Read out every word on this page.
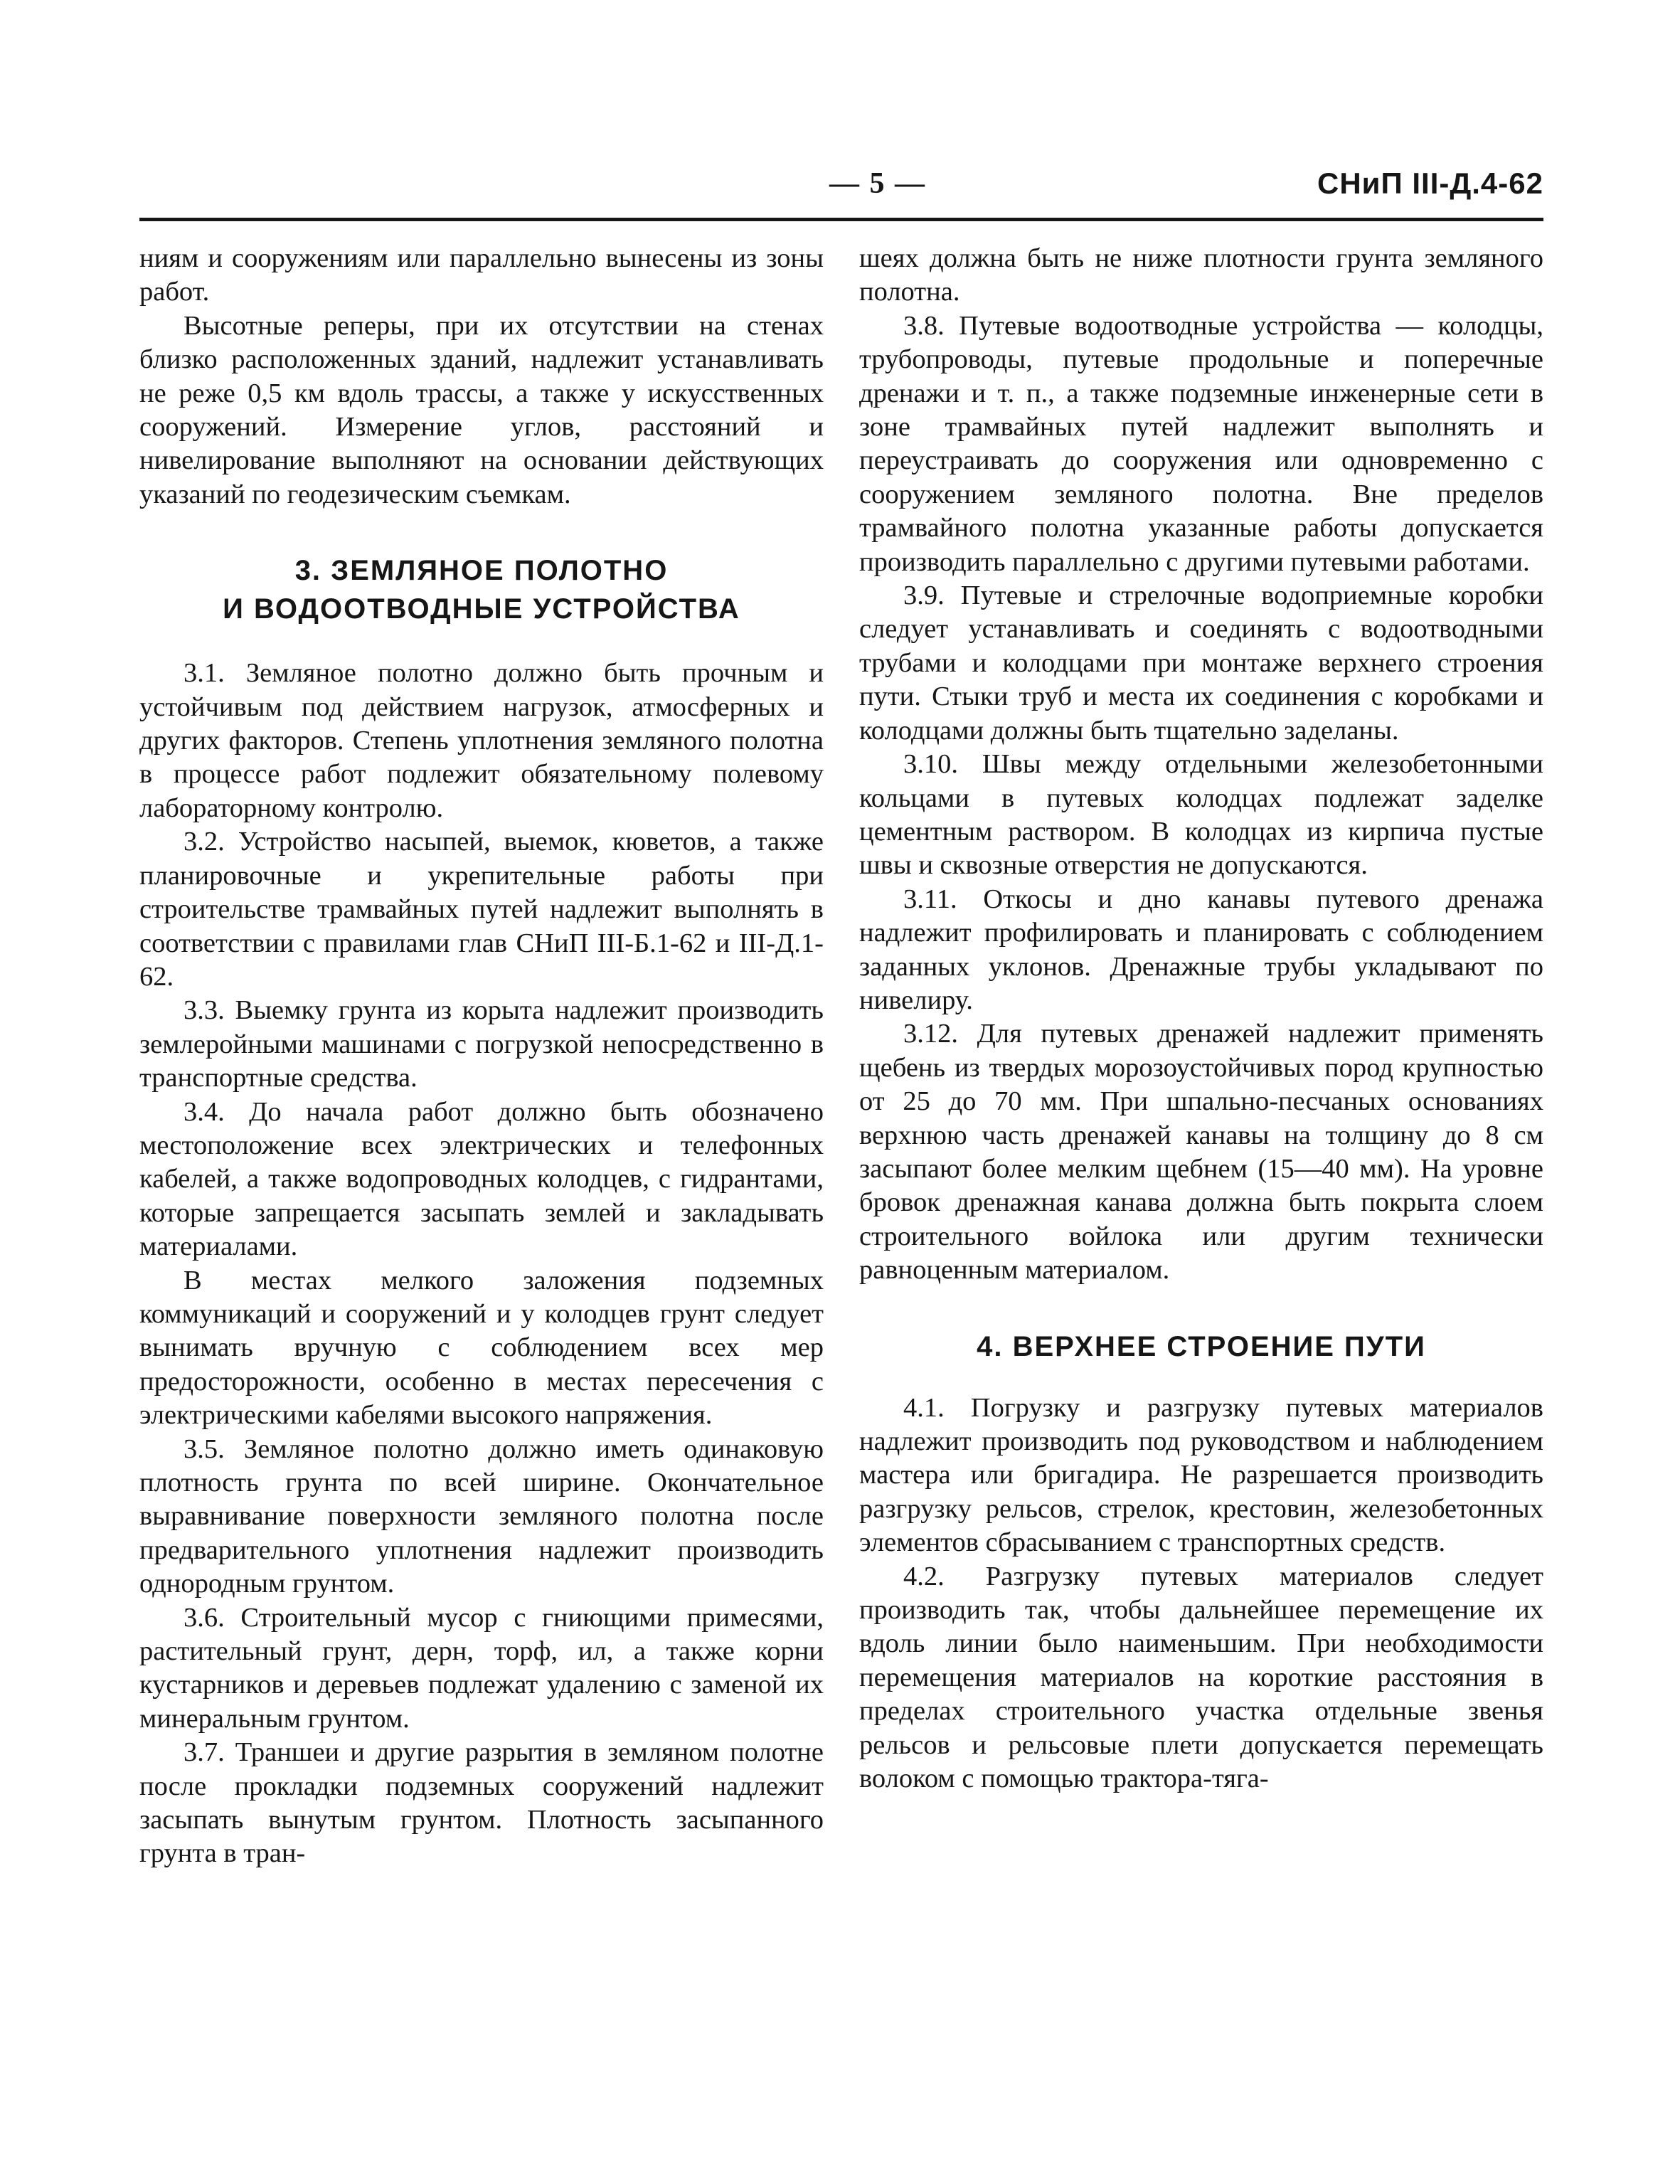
— 5 —	СНиП III-Д.4-62

ниям и сооружениям или параллельно вынесены из зоны работ.

Высотные реперы, при их отсутствии на стенах близко расположенных зданий, надлежит устанавливать не реже 0,5 км вдоль трассы, а также у искусственных сооружений. Измерение углов, расстояний и нивелирование выполняют на основании действующих указаний по геодезическим съемкам.

3. ЗЕМЛЯНОЕ ПОЛОТНО
И ВОДООТВОДНЫЕ УСТРОЙСТВА

3.1. Земляное полотно должно быть прочным и устойчивым под действием нагрузок, атмосферных и других факторов. Степень уплотнения земляного полотна в процессе работ подлежит обязательному полевому лабораторному контролю.

3.2. Устройство насыпей, выемок, кюветов, а также планировочные и укрепительные работы при строительстве трамвайных путей надлежит выполнять в соответствии с правилами глав СНиП III-Б.1-62 и III-Д.1-62.

3.3. Выемку грунта из корыта надлежит производить землеройными машинами с погрузкой непосредственно в транспортные средства.

3.4. До начала работ должно быть обозначено местоположение всех электрических и телефонных кабелей, а также водопроводных колодцев, с гидрантами, которые запрещается засыпать землей и закладывать материалами.

В местах мелкого заложения подземных коммуникаций и сооружений и у колодцев грунт следует вынимать вручную с соблюдением всех мер предосторожности, особенно в местах пересечения с электрическими кабелями высокого напряжения.

3.5. Земляное полотно должно иметь одинаковую плотность грунта по всей ширине. Окончательное выравнивание поверхности земляного полотна после предварительного уплотнения надлежит производить однородным грунтом.

3.6. Строительный мусор с гниющими примесями, растительный грунт, дерн, торф, ил, а также корни кустарников и деревьев подлежат удалению с заменой их минеральным грунтом.

3.7. Траншеи и другие разрытия в земляном полотне после прокладки подземных сооружений надлежит засыпать вынутым грунтом. Плотность засыпанного грунта в тран-

шеях должна быть не ниже плотности грунта земляного полотна.

3.8. Путевые водоотводные устройства — колодцы, трубопроводы, путевые продольные и поперечные дренажи и т. п., а также подземные инженерные сети в зоне трамвайных путей надлежит выполнять и переустраивать до сооружения или одновременно с сооружением земляного полотна. Вне пределов трамвайного полотна указанные работы допускается производить параллельно с другими путевыми работами.

3.9. Путевые и стрелочные водоприемные коробки следует устанавливать и соединять с водоотводными трубами и колодцами при монтаже верхнего строения пути. Стыки труб и места их соединения с коробками и колодцами должны быть тщательно заделаны.

3.10. Швы между отдельными железобетонными кольцами в путевых колодцах подлежат заделке цементным раствором. В колодцах из кирпича пустые швы и сквозные отверстия не допускаются.

3.11. Откосы и дно канавы путевого дренажа надлежит профилировать и планировать с соблюдением заданных уклонов. Дренажные трубы укладывают по нивелиру.

3.12. Для путевых дренажей надлежит применять щебень из твердых морозоустойчивых пород крупностью от 25 до 70 мм. При шпально-песчаных основаниях верхнюю часть дренажей канавы на толщину до 8 см засыпают более мелким щебнем (15—40 мм). На уровне бровок дренажная канава должна быть покрыта слоем строительного войлока или другим технически равноценным материалом.

4. ВЕРХНЕЕ СТРОЕНИЕ ПУТИ

4.1. Погрузку и разгрузку путевых материалов надлежит производить под руководством и наблюдением мастера или бригадира. Не разрешается производить разгрузку рельсов, стрелок, крестовин, железобетонных элементов сбрасыванием с транспортных средств.

4.2. Разгрузку путевых материалов следует производить так, чтобы дальнейшее перемещение их вдоль линии было наименьшим. При необходимости перемещения материалов на короткие расстояния в пределах строительного участка отдельные звенья рельсов и рельсовые плети допускается перемещать волоком с помощью трактора-тяга-
